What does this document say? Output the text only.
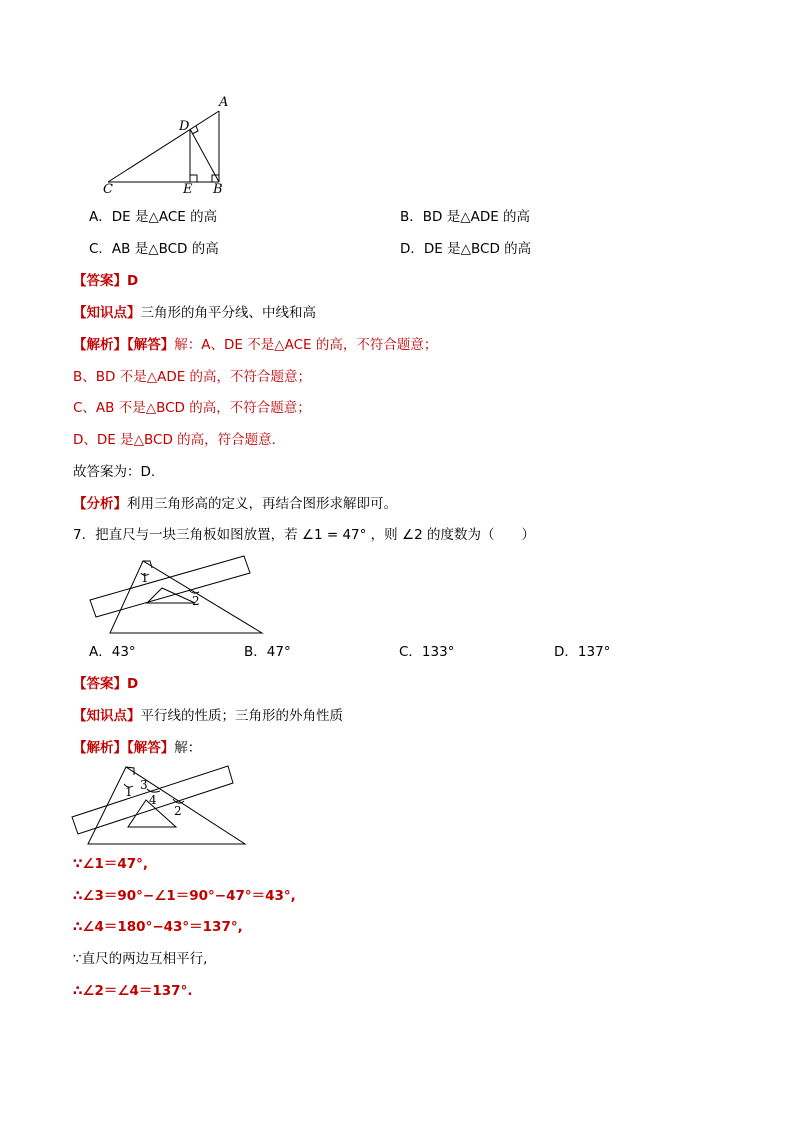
A
D
C	E B
A．DE 是△ACE 的高	B．BD 是△ADE 的高
C．AB 是△BCD 的高	D．DE 是△BCD 的高
【答案】D
【知识点】三角形的角平分线、中线和高
【解析】【解答】解：A、DE 不是△ACE 的高，不符合题意；
B、BD 不是△ADE 的高，不符合题意；
C、AB 不是△BCD 的高，不符合题意；
D、DE 是△BCD 的高，符合题意．
故答案为：D.
【分析】利用三角形高的定义，再结合图形求解即可。
7．把直尺与一块三角板如图放置，若 ∠1 = 47° ，则 ∠2 的度数为（　　）
1
2
A．43°	B．47°	C．133°	D．137°
【答案】D
【知识点】平行线的性质；三角形的外角性质
【解析】【解答】解：
1 3
4
2
∵∠1＝47°,
∴∠3＝90°−∠1＝90°−47°＝43°,
∴∠4＝180°−43°＝137°,
∵直尺的两边互相平行,
∴∠2＝∠4＝137°.
